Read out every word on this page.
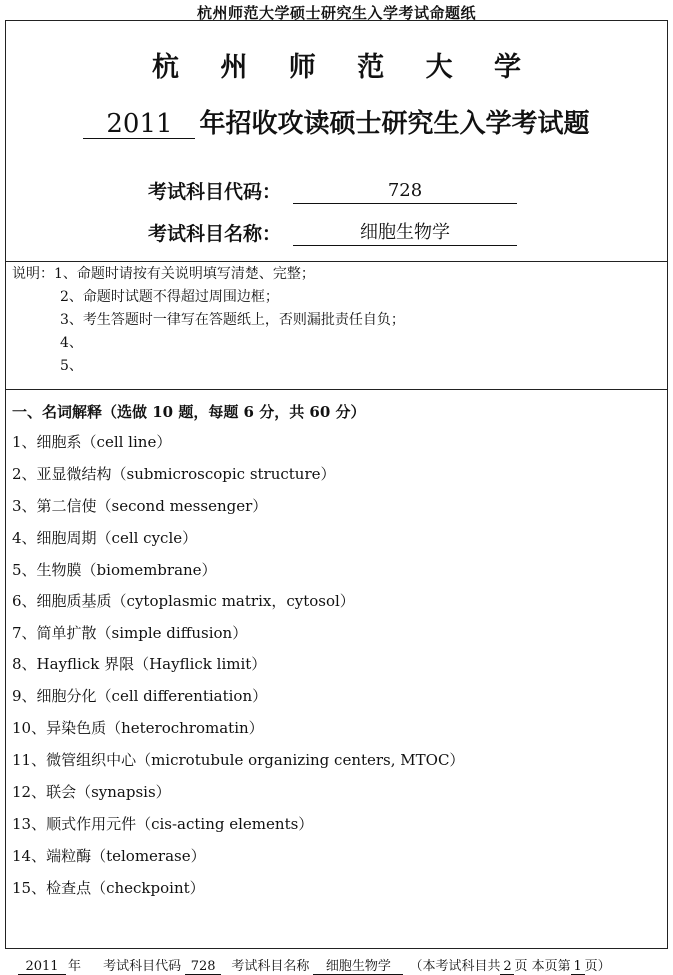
杭州师范大学硕士研究生入学考试命题纸
杭 州 师 范 大 学
2011 年招收攻读硕士研究生入学考试题
考试科目代码：	728
考试科目名称：	细胞生物学
说明：1、命题时请按有关说明填写清楚、完整；
2、命题时试题不得超过周围边框；
3、考生答题时一律写在答题纸上，否则漏批责任自负；
4、
5、
一、名词解释（选做 10 题，每题 6 分，共 60 分）
1、细胞系（cell line）
2、亚显微结构（submicroscopic structure）
3、第二信使（second messenger）
4、细胞周期（cell cycle）
5、生物膜（biomembrane）
6、细胞质基质（cytoplasmic matrix，cytosol）
7、简单扩散（simple diffusion）
8、Hayflick 界限（Hayflick limit）
9、细胞分化（cell differentiation）
10、异染色质（heterochromatin）
11、微管组织中心（microtubule organizing centers, MTOC）
12、联会（synapsis）
13、顺式作用元件（cis-acting elements）
14、端粒酶（telomerase）
15、检查点（checkpoint）
2011 年 考试科目代码 728 考试科目名称 细胞生物学 （本考试科目共 2 页 本页第 1 页）
